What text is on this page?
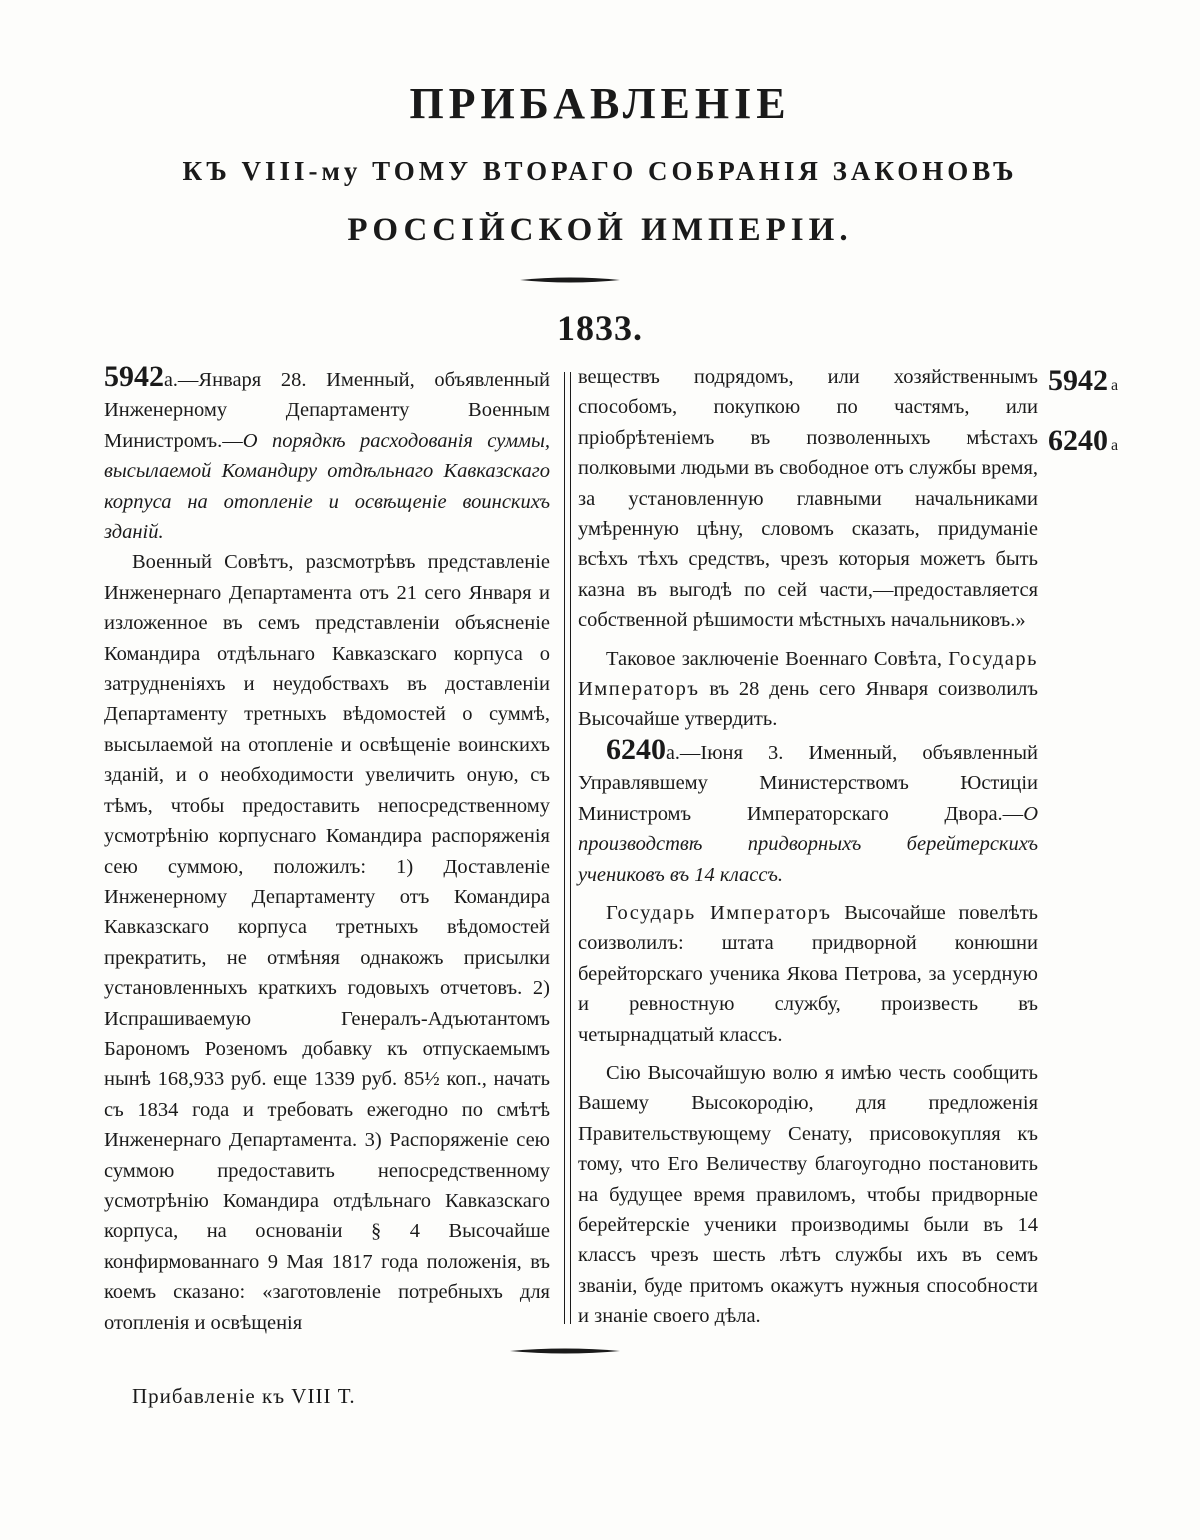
ПРИБАВЛЕНІЕ
КЪ VIII-му ТОМУ ВТОРАГО СОБРАНІЯ ЗАКОНОВЪ
РОССІЙСКОЙ ИМПЕРІИ.
1833.
5942 а
6240 а

5942а.—Января 28. Именный, объявленный Инженерному Департаменту Военным Министромъ.—О порядкѣ расходованія суммы, высылаемой Командиру отдѣльнаго Кавказскаго корпуса на отопленіе и освѣщеніе воинскихъ зданій.

Военный Совѣтъ, разсмотрѣвъ представленіе Инженернаго Департамента отъ 21 сего Января и изложенное въ семъ представленіи объясненіе Командира отдѣльнаго Кавказскаго корпуса о затрудненіяхъ и неудобствахъ въ доставленіи Департаменту третныхъ вѣдомостей о суммѣ, высылаемой на отопленіе и освѣщеніе воинскихъ зданій, и о необходимости увеличить оную, съ тѣмъ, чтобы предоставить непосредственному усмотрѣнію корпуснаго Командира распоряженія сею суммою, положилъ: 1) Доставленіе Инженерному Департаменту отъ Командира Кавказскаго корпуса третныхъ вѣдомостей прекратить, не отмѣняя однакожъ присылки установленныхъ краткихъ годовыхъ отчетовъ. 2) Испрашиваемую Генералъ-Адъютантомъ Барономъ Розеномъ добавку къ отпускаемымъ нынѣ 168,933 руб. еще 1339 руб. 85½ коп., начать съ 1834 года и требовать ежегодно по смѣтѣ Инженернаго Департамента. 3) Распоряженіе сею суммою предоставить непосредственному усмотрѣнію Командира отдѣльнаго Кавказскаго корпуса, на основаніи § 4 Высочайше конфирмованнаго 9 Мая 1817 года положенія, въ коемъ сказано: «заготовленіе потребныхъ для отопленія и освѣщенія

веществъ подрядомъ, или хозяйственнымъ способомъ, покупкою по частямъ, или пріобрѣтеніемъ въ позволенныхъ мѣстахъ полковыми людьми въ свободное отъ службы время, за установленную главными начальниками умѣренную цѣну, словомъ сказать, придуманіе всѣхъ тѣхъ средствъ, чрезъ которыя можетъ быть казна въ выгодѣ по сей части,—предоставляется собственной рѣшимости мѣстныхъ начальниковъ.»

Таковое заключеніе Военнаго Совѣта, Государь Императоръ въ 28 день сего Января соизволилъ Высочайше утвердить.

6240а.—Іюня 3. Именный, объявленный Управлявшему Министерствомъ Юстиціи Министромъ Императорскаго Двора.—О производствѣ придворныхъ берейтерскихъ учениковъ въ 14 классъ.

Государь Императоръ Высочайше повелѣть соизволилъ: штата придворной конюшни берейторскаго ученика Якова Петрова, за усердную и ревностную службу, произвесть въ четырнадцатый классъ.

Сію Высочайшую волю я имѣю честь сообщить Вашему Высокородію, для предложенія Правительствующему Сенату, присовокупляя къ тому, что Его Величеству благоугодно постановить на будущее время правиломъ, чтобы придворные берейтерскіе ученики производимы были въ 14 классъ чрезъ шесть лѣтъ службы ихъ въ семъ званіи, буде притомъ окажутъ нужныя способности и знаніе своего дѣла.

Прибавленіе къ VIII Т.
